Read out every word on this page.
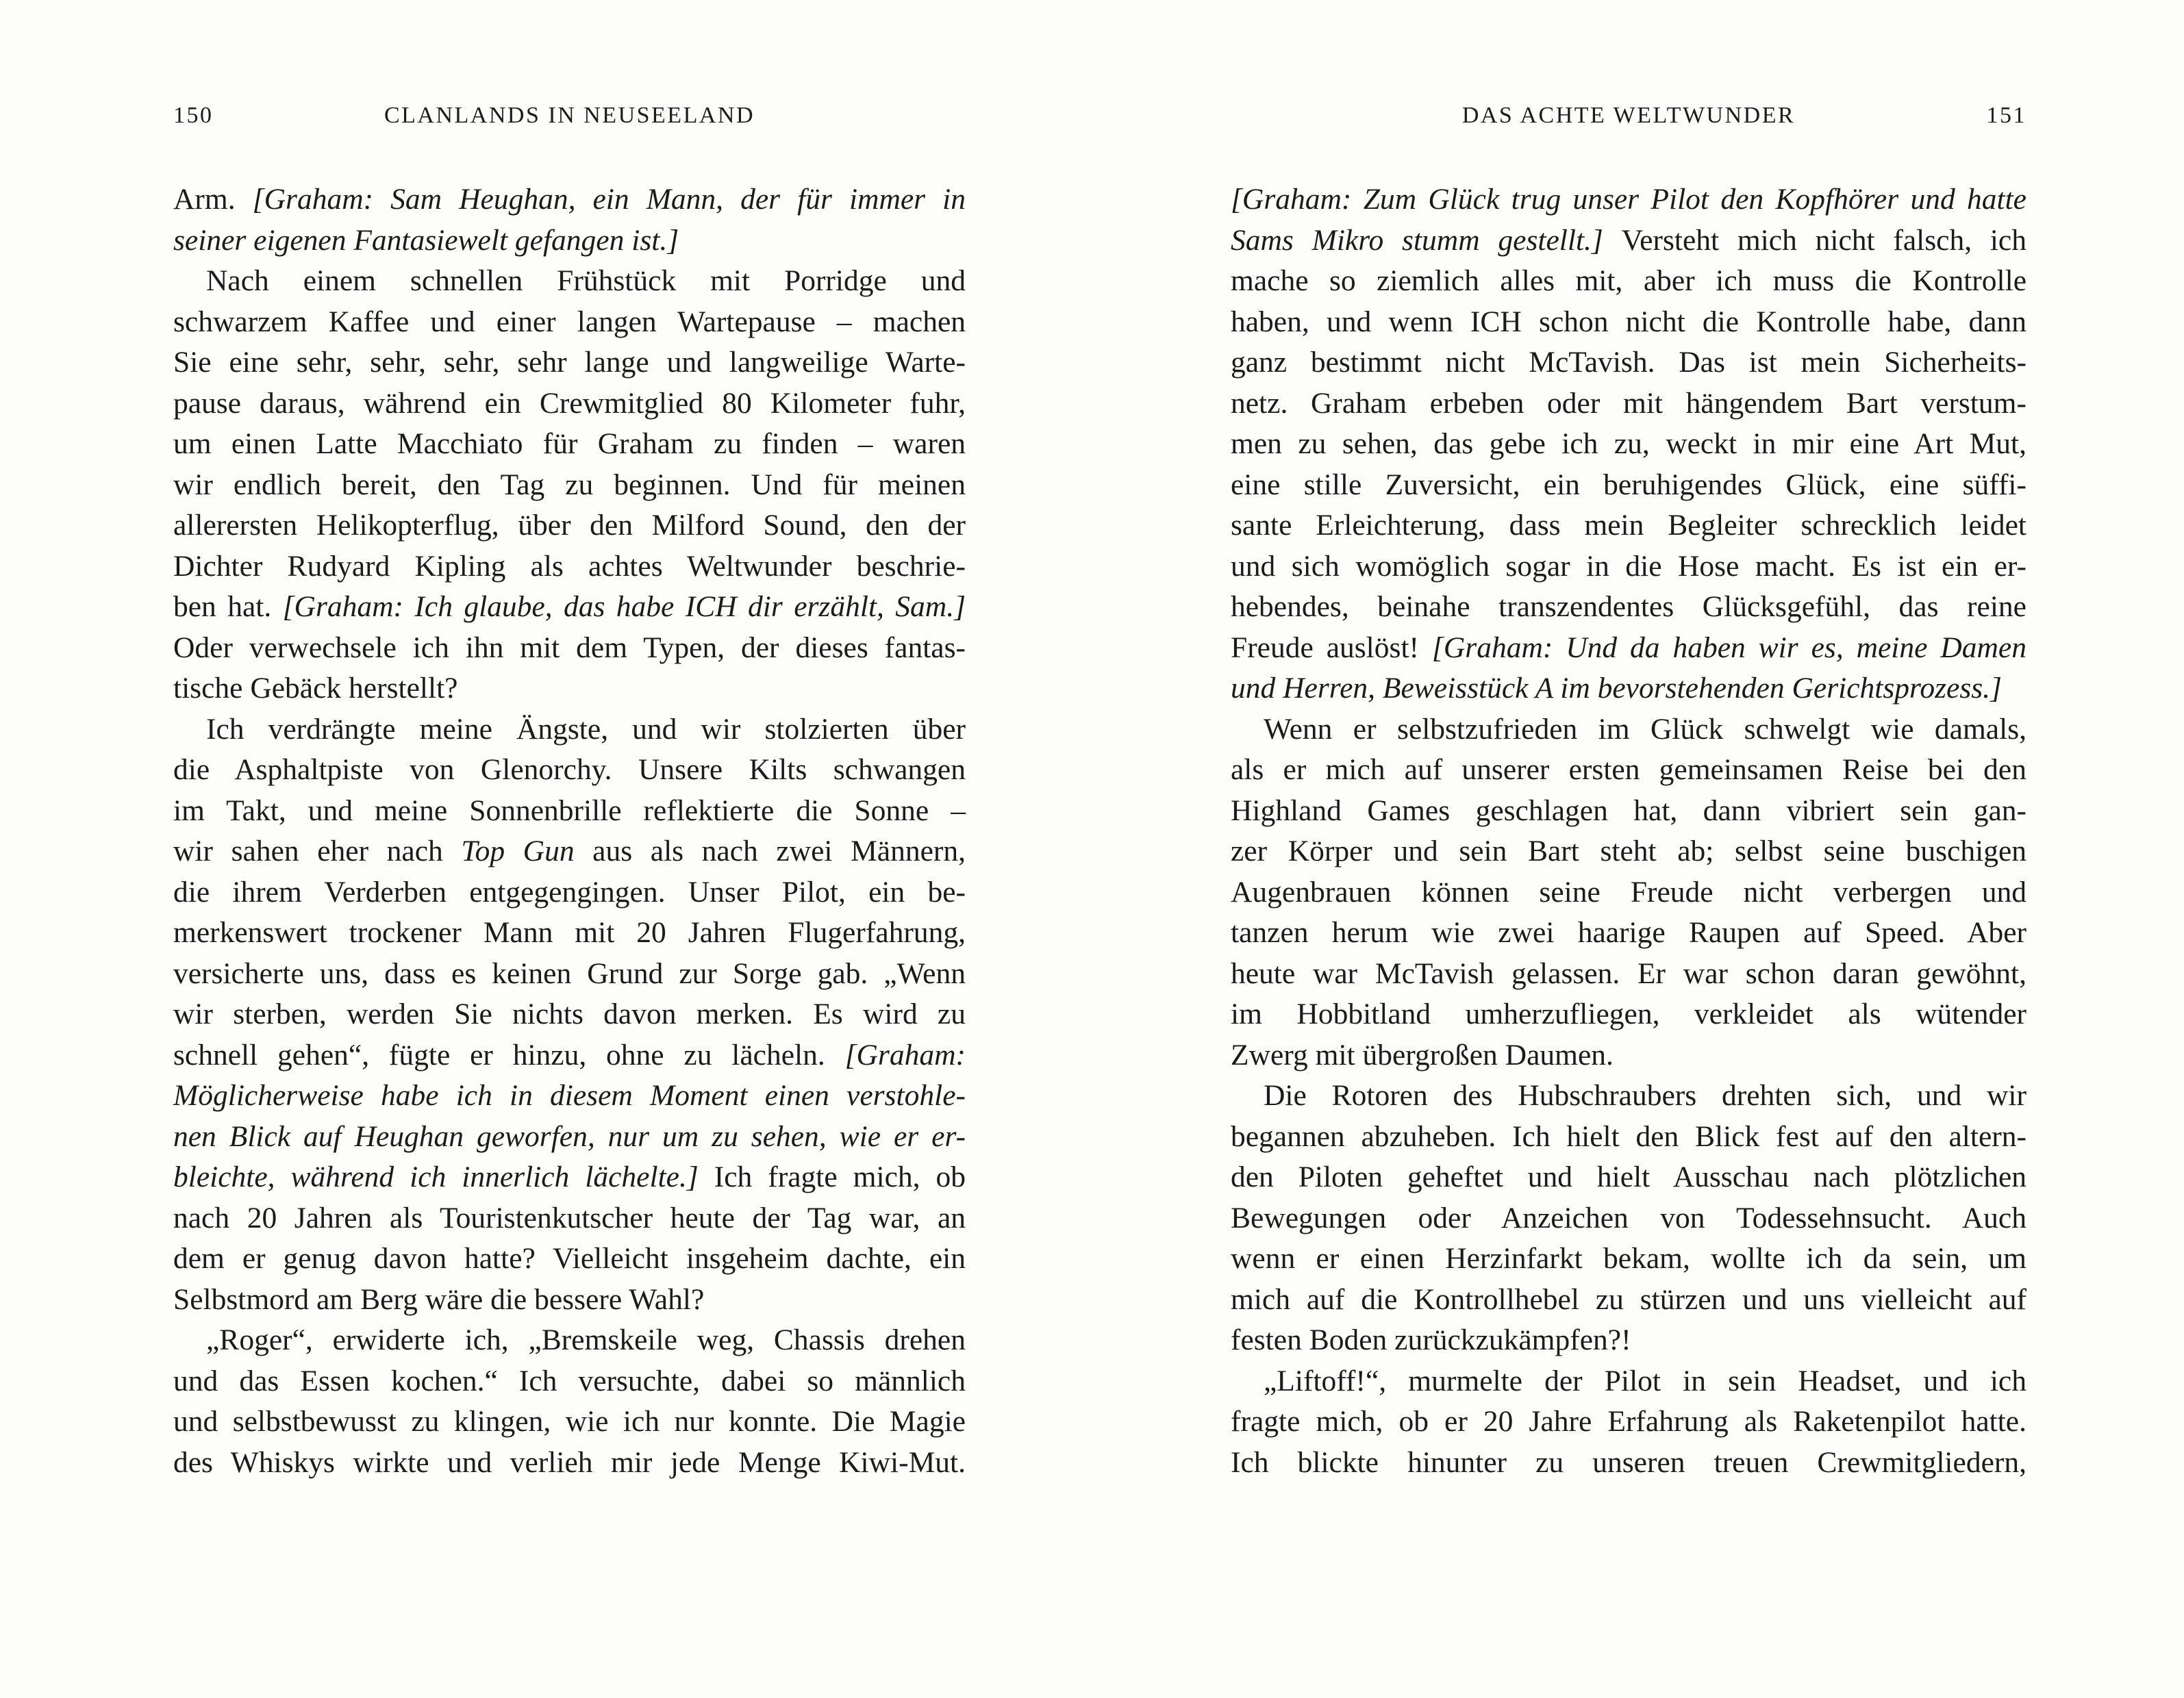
150	CLANLANDS IN NEUSEELAND
Arm. [Graham: Sam Heughan, ein Mann, der für immer in
seiner eigenen Fantasiewelt gefangen ist.]
Nach einem schnellen Frühstück mit Porridge und
schwarzem Kaffee und einer langen Wartepause – machen
Sie eine sehr, sehr, sehr, sehr lange und langweilige Warte-
pause daraus, während ein Crewmitglied 80 Kilometer fuhr,
um einen Latte Macchiato für Graham zu finden – waren
wir endlich bereit, den Tag zu beginnen. Und für meinen
allerersten Helikopterflug, über den Milford Sound, den der
Dichter Rudyard Kipling als achtes Weltwunder beschrie-
ben hat. [Graham: Ich glaube, das habe ICH dir erzählt, Sam.]
Oder verwechsele ich ihn mit dem Typen, der dieses fantas-
tische Gebäck herstellt?
Ich verdrängte meine Ängste, und wir stolzierten über
die Asphaltpiste von Glenorchy. Unsere Kilts schwangen
im Takt, und meine Sonnenbrille reflektierte die Sonne –
wir sahen eher nach Top Gun aus als nach zwei Männern,
die ihrem Verderben entgegengingen. Unser Pilot, ein be-
merkenswert trockener Mann mit 20 Jahren Flugerfahrung,
versicherte uns, dass es keinen Grund zur Sorge gab. „Wenn
wir sterben, werden Sie nichts davon merken. Es wird zu
schnell gehen“, fügte er hinzu, ohne zu lächeln. [Graham:
Möglicherweise habe ich in diesem Moment einen verstohle-
nen Blick auf Heughan geworfen, nur um zu sehen, wie er er-
bleichte, während ich innerlich lächelte.] Ich fragte mich, ob
nach 20 Jahren als Touristenkutscher heute der Tag war, an
dem er genug davon hatte? Vielleicht insgeheim dachte, ein
Selbstmord am Berg wäre die bessere Wahl?
„Roger“, erwiderte ich, „Bremskeile weg, Chassis drehen
und das Essen kochen.“ Ich versuchte, dabei so männlich
und selbstbewusst zu klingen, wie ich nur konnte. Die Magie
des Whiskys wirkte und verlieh mir jede Menge Kiwi-Mut.
DAS ACHTE WELTWUNDER	151
[Graham: Zum Glück trug unser Pilot den Kopfhörer und hatte
Sams Mikro stumm gestellt.] Versteht mich nicht falsch, ich
mache so ziemlich alles mit, aber ich muss die Kontrolle
haben, und wenn ICH schon nicht die Kontrolle habe, dann
ganz bestimmt nicht McTavish. Das ist mein Sicherheits-
netz. Graham erbeben oder mit hängendem Bart verstum-
men zu sehen, das gebe ich zu, weckt in mir eine Art Mut,
eine stille Zuversicht, ein beruhigendes Glück, eine süffi-
sante Erleichterung, dass mein Begleiter schrecklich leidet
und sich womöglich sogar in die Hose macht. Es ist ein er-
hebendes, beinahe transzendentes Glücksgefühl, das reine
Freude auslöst! [Graham: Und da haben wir es, meine Damen
und Herren, Beweisstück A im bevorstehenden Gerichtsprozess.]
Wenn er selbstzufrieden im Glück schwelgt wie damals,
als er mich auf unserer ersten gemeinsamen Reise bei den
Highland Games geschlagen hat, dann vibriert sein gan-
zer Körper und sein Bart steht ab; selbst seine buschigen
Augenbrauen können seine Freude nicht verbergen und
tanzen herum wie zwei haarige Raupen auf Speed. Aber
heute war McTavish gelassen. Er war schon daran gewöhnt,
im Hobbitland umherzufliegen, verkleidet als wütender
Zwerg mit übergroßen Daumen.
Die Rotoren des Hubschraubers drehten sich, und wir
begannen abzuheben. Ich hielt den Blick fest auf den altern-
den Piloten geheftet und hielt Ausschau nach plötzlichen
Bewegungen oder Anzeichen von Todessehnsucht. Auch
wenn er einen Herzinfarkt bekam, wollte ich da sein, um
mich auf die Kontrollhebel zu stürzen und uns vielleicht auf
festen Boden zurückzukämpfen?!
„Liftoff!“, murmelte der Pilot in sein Headset, und ich
fragte mich, ob er 20 Jahre Erfahrung als Raketenpilot hatte.
Ich blickte hinunter zu unseren treuen Crewmitgliedern,
